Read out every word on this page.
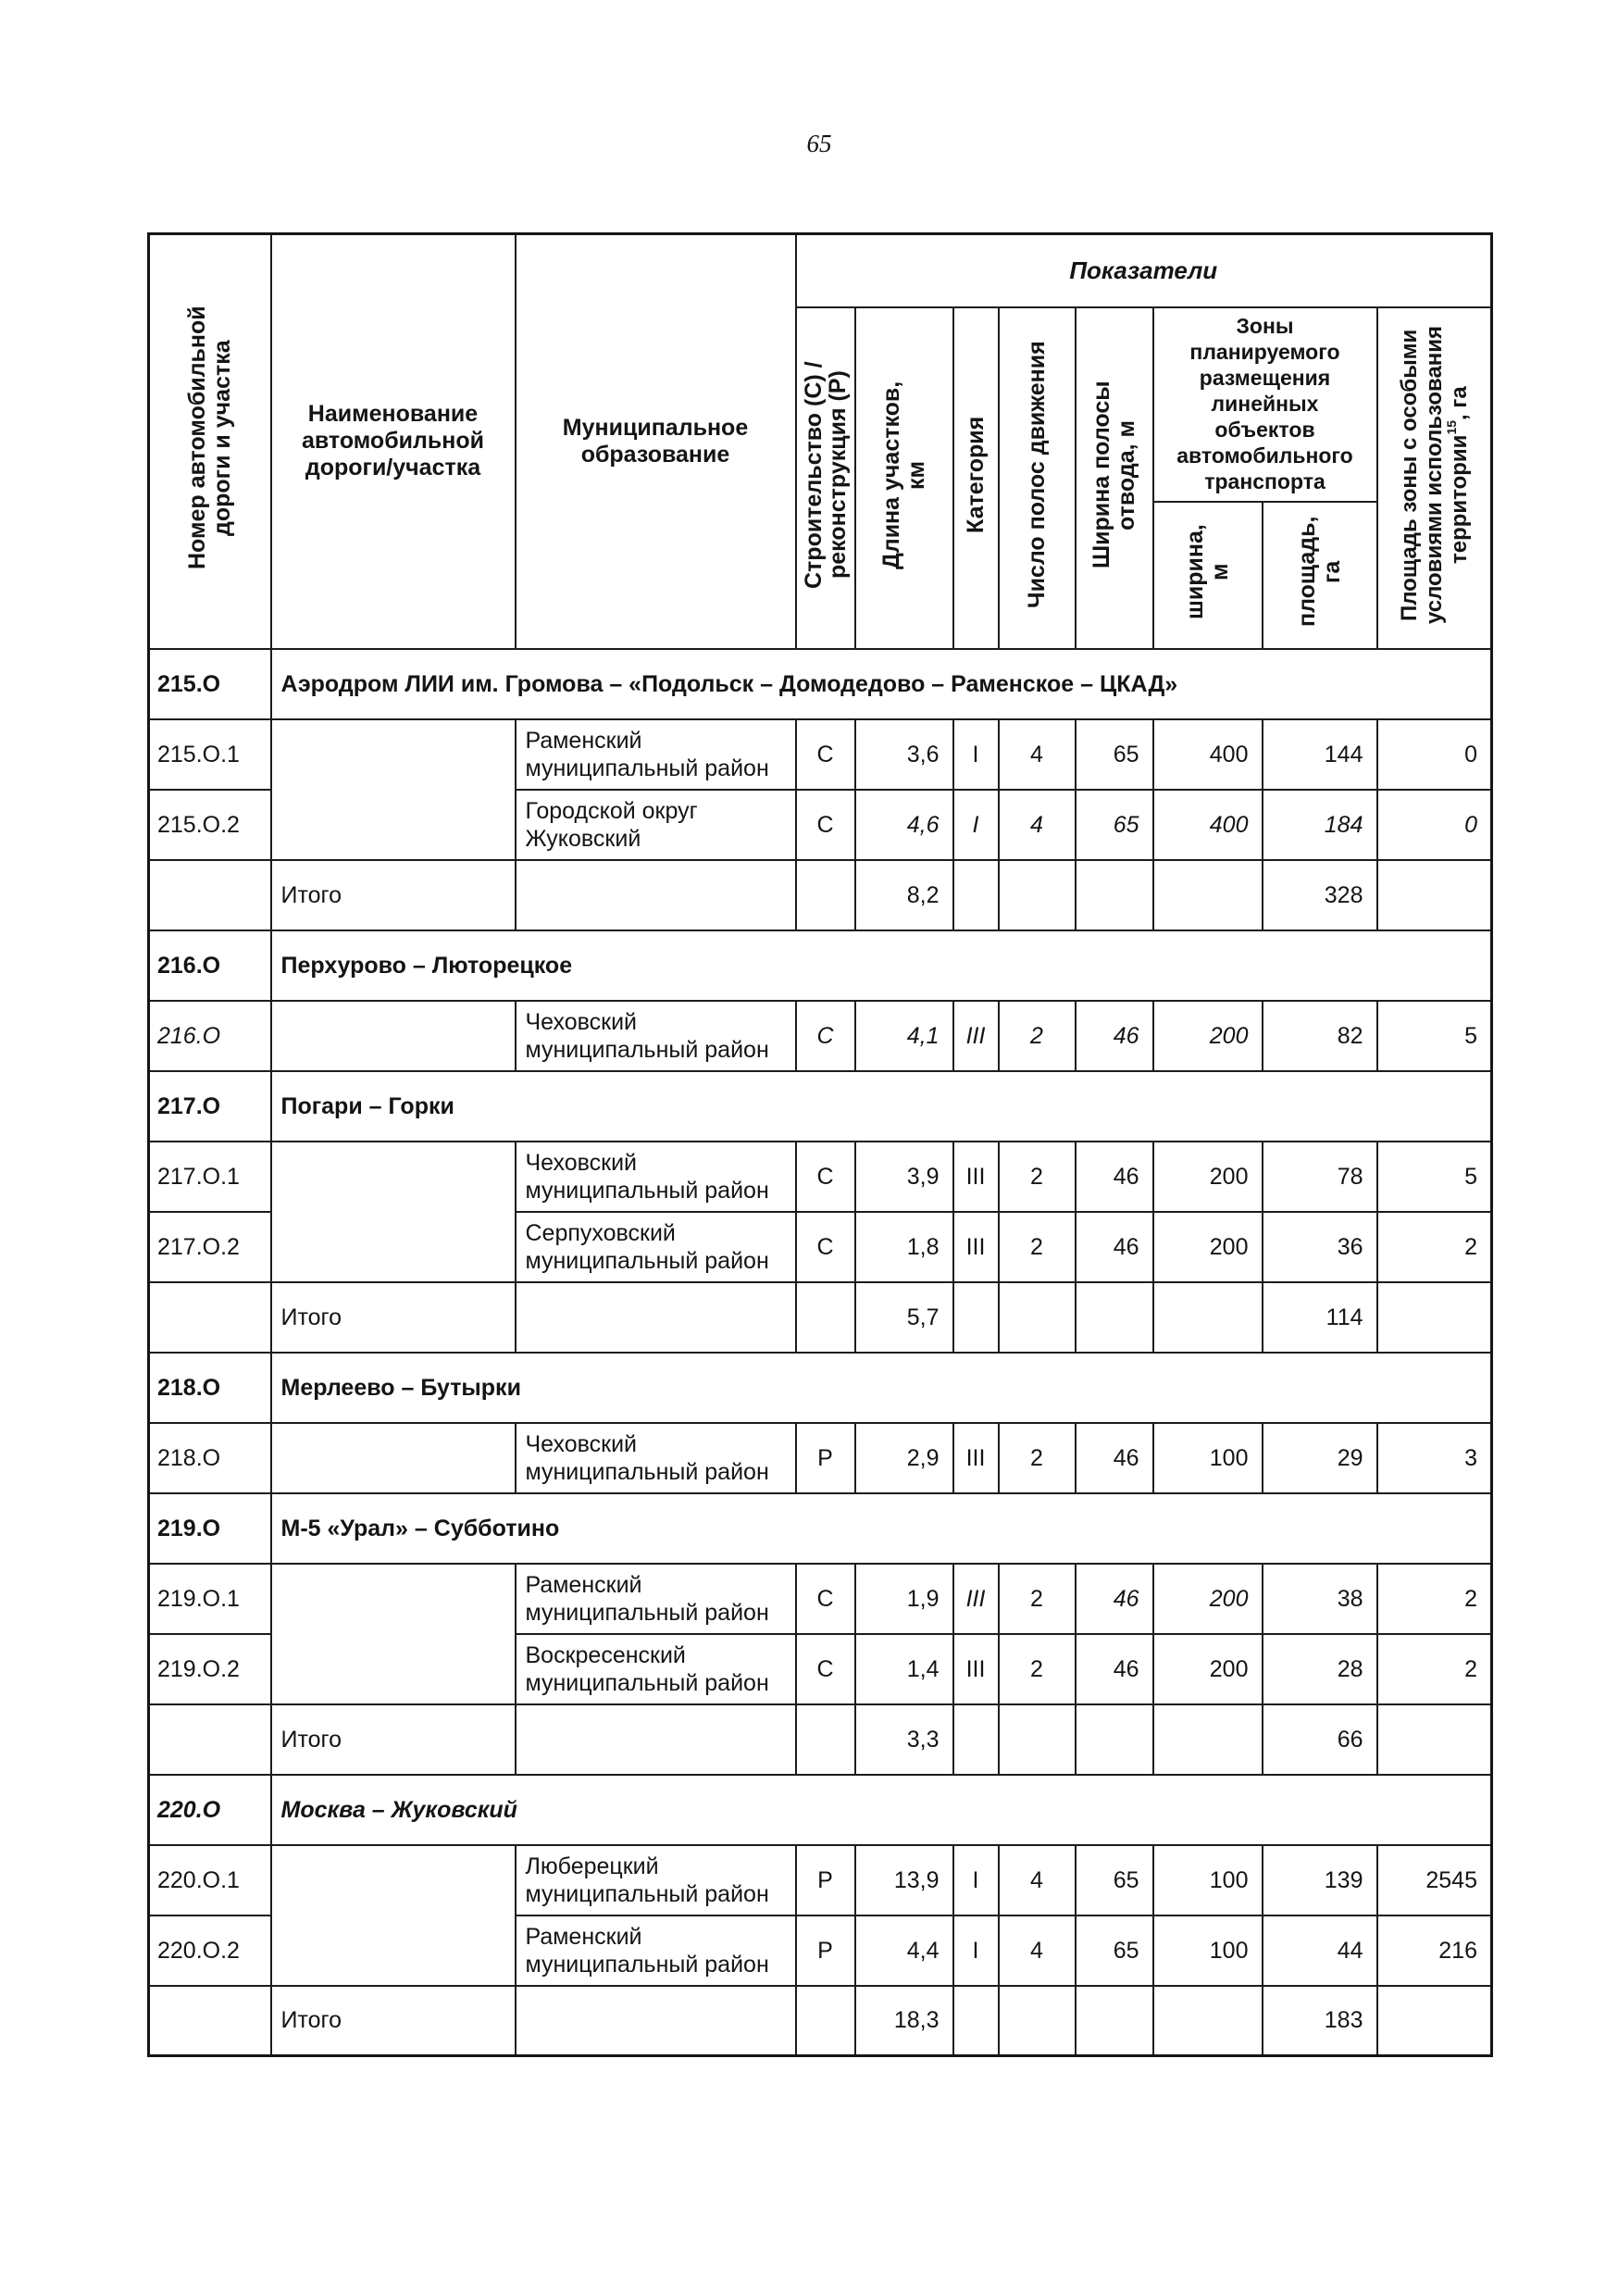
65
Номер автомобильной дороги и участка	Наименование автомобильной дороги/участка	Муниципальное образование	Показатели							
			Строительство (С) / реконструкция (Р)	Длина участков, км	Категория	Число полос движения	Ширина полосы отвода, м	Зоны планируемого размещения линейных объектов автомобильного транспорта		Площадь зоны с особыми условиями использования территории$^{15}$, га
								ширина, м	площадь, га	
215.О	Аэродром ЛИИ им. Громова – «Подольск – Домодедово – Раменское – ЦКАД»									
215.О.1		Раменский муниципальный район	С	3,6	I	4	65	400	144	0
215.О.2		Городской округ Жуковский	С	4,6	I	4	65	400	184	0
	Итого			8,2					328	
216.О	Перхурово – Люторецкое									
216.О		Чеховский муниципальный район	С	4,1	III	2	46	200	82	5
217.О	Погари – Горки									
217.О.1		Чеховский муниципальный район	С	3,9	III	2	46	200	78	5
217.О.2		Серпуховский муниципальный район	С	1,8	III	2	46	200	36	2
	Итого			5,7					114	
218.О	Мерлеево – Бутырки									
218.О		Чеховский муниципальный район	Р	2,9	III	2	46	100	29	3
219.О	М-5 «Урал» – Субботино									
219.О.1		Раменский муниципальный район	С	1,9	III	2	46	200	38	2
219.О.2		Воскресенский муниципальный район	С	1,4	III	2	46	200	28	2
	Итого			3,3					66	
220.О	Москва – Жуковский									
220.О.1		Люберецкий муниципальный район	Р	13,9	I	4	65	100	139	2545
220.О.2		Раменский муниципальный район	Р	4,4	I	4	65	100	44	216
	Итого			18,3					183	
